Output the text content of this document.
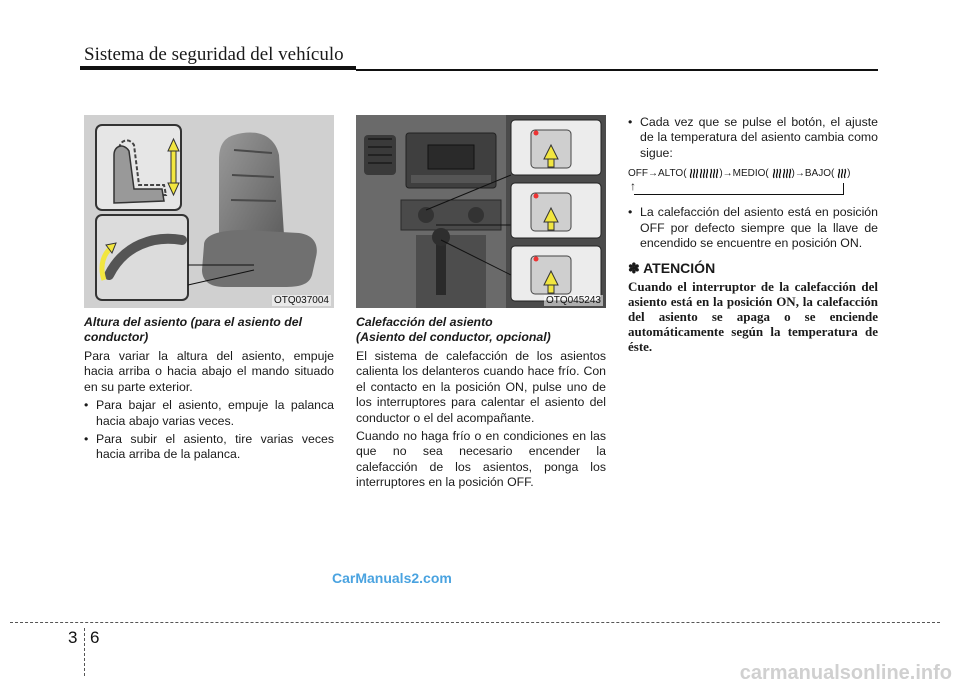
Sistema de seguridad del vehículo
OTQ037004	OTQ045243
Altura del asiento (para el asiento del conductor)

Para variar la altura del asiento, empuje hacia arriba o hacia abajo el mando situado en su parte exterior.

• Para bajar el asiento, empuje la palanca hacia abajo varias veces.
• Para subir el asiento, tire varias veces hacia arriba de la palanca.
Calefacción del asiento
(Asiento del conductor, opcional)

El sistema de calefacción de los asientos calienta los delanteros cuando hace frío. Con el contacto en la posición ON, pulse uno de los interruptores para calentar el asiento del conductor o el del acompañante.

Cuando no haga frío o en condiciones en las que no sea necesario encender la calefacción de los asientos, ponga los interruptores en la posición OFF.

• Cada vez que se pulse el botón, el ajuste de la temperatura del asiento cambia como sigue:
OFF→ALTO(	)→MEDIO( )→BAJO( )
↑
• La calefacción del asiento está en posición OFF por defecto siempre que la llave de encendido se encuentre en posición ON.
✽ ATENCIÓN
Cuando el interruptor de la calefacción del asiento está en la posición ON, la calefacción del asiento se apaga o se enciende automáticamente según la temperatura de éste.
CarManuals2.com
3 6
carmanualsonline.info
